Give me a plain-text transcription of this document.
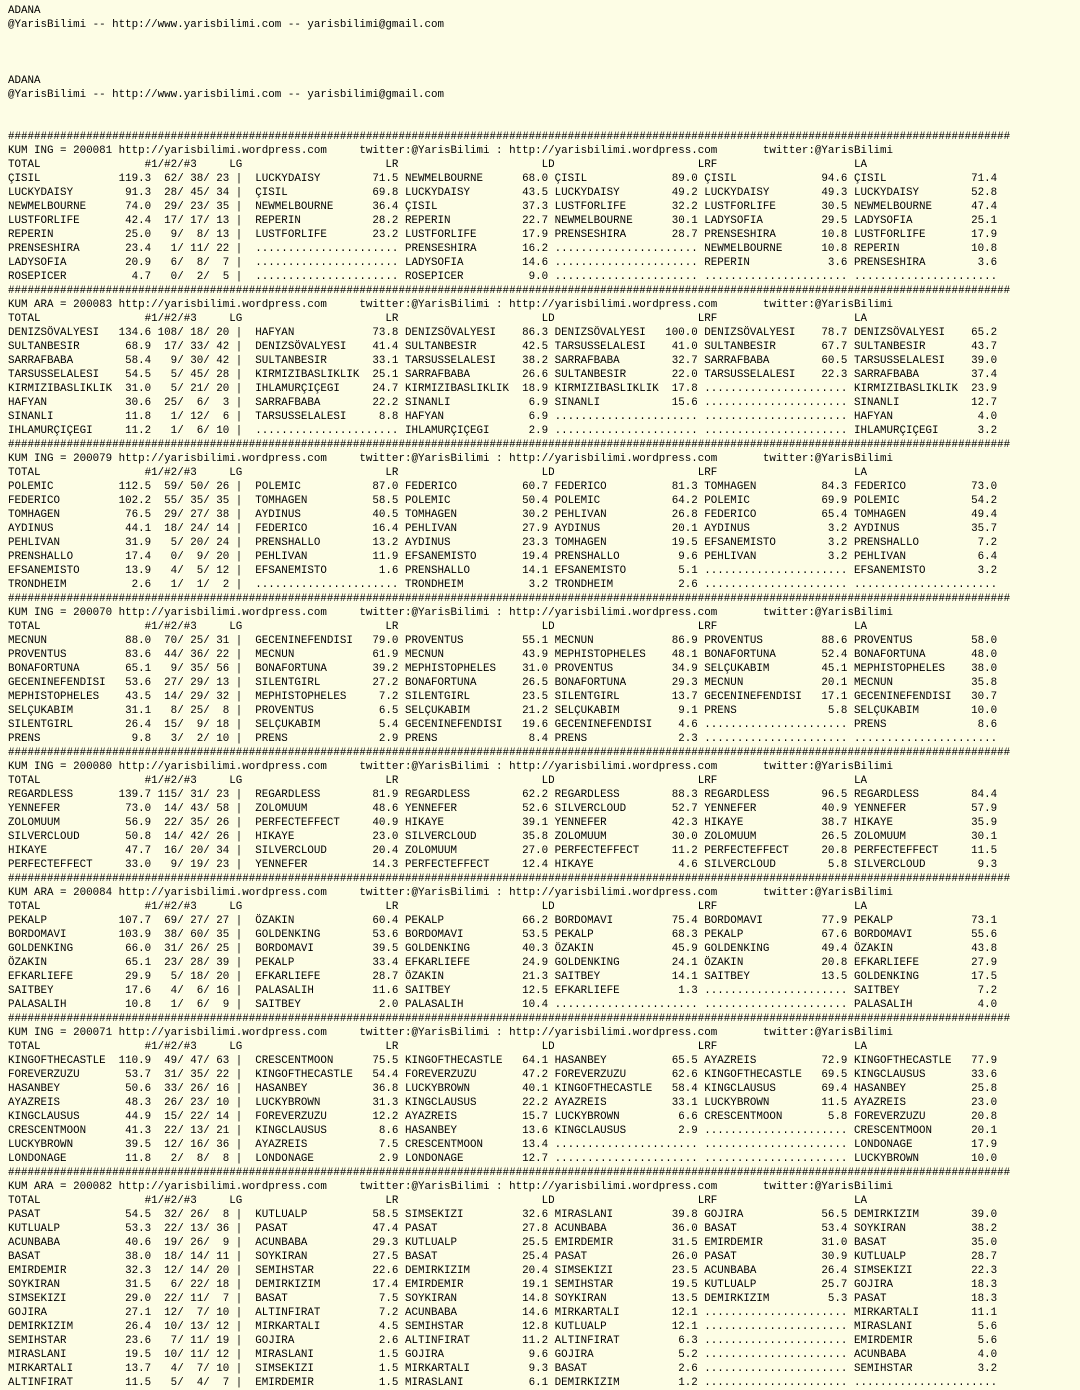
ADANA
@YarisBilimi -- http://www.yarisbilimi.com -- yarisbilimi@gmail.com
ADANA
@YarisBilimi -- http://www.yarisbilimi.com -- yarisbilimi@gmail.com
##########################################################################################################################################################
KUM ING = 200081 http://yarisbilimi.wordpress.com     twitter:@YarisBilimi : http://yarisbilimi.wordpress.com       twitter:@YarisBilimi
TOTAL                #1/#2/#3     LG                      LR                      LD                      LRF                     LA
ÇISIL            119.3  62/ 38/ 23 |  LUCKYDAISY        71.5 NEWMELBOURNE      68.0 ÇISIL             89.0 ÇISIL             94.6 ÇISIL             71.4
LUCKYDAISY        91.3  28/ 45/ 34 |  ÇISIL             69.8 LUCKYDAISY        43.5 LUCKYDAISY        49.2 LUCKYDAISY        49.3 LUCKYDAISY        52.8
NEWMELBOURNE      74.0  29/ 23/ 35 |  NEWMELBOURNE      36.4 ÇISIL             37.3 LUSTFORLIFE       32.2 LUSTFORLIFE       30.5 NEWMELBOURNE      47.4
LUSTFORLIFE       42.4  17/ 17/ 13 |  REPERIN           28.2 REPERIN           22.7 NEWMELBOURNE      30.1 LADYSOFIA         29.5 LADYSOFIA         25.1
REPERIN           25.0   9/  8/ 13 |  LUSTFORLIFE       23.2 LUSTFORLIFE       17.9 PRENSESHIRA       28.7 PRENSESHIRA       10.8 LUSTFORLIFE       17.9
PRENSESHIRA       23.4   1/ 11/ 22 |  ...................... PRENSESHIRA       16.2 ...................... NEWMELBOURNE      10.8 REPERIN           10.8
LADYSOFIA         20.9   6/  8/  7 |  ...................... LADYSOFIA         14.6 ...................... REPERIN            3.6 PRENSESHIRA        3.6
ROSEPICER          4.7   0/  2/  5 |  ...................... ROSEPICER          9.0 ...................... ...................... ......................
##########################################################################################################################################################
KUM ARA = 200083 http://yarisbilimi.wordpress.com     twitter:@YarisBilimi : http://yarisbilimi.wordpress.com       twitter:@YarisBilimi
TOTAL                #1/#2/#3     LG                      LR                      LD                      LRF                     LA
DENIZSÖVALYESI   134.6 108/ 18/ 20 |  HAFYAN            73.8 DENIZSÖVALYESI    86.3 DENIZSÖVALYESI   100.0 DENIZSÖVALYESI    78.7 DENIZSÖVALYESI    65.2
SULTANBESIR       68.9  17/ 33/ 42 |  DENIZSÖVALYESI    41.4 SULTANBESIR       42.5 TARSUSSELALESI    41.0 SULTANBESIR       67.7 SULTANBESIR       43.7
SARRAFBABA        58.4   9/ 30/ 42 |  SULTANBESIR       33.1 TARSUSSELALESI    38.2 SARRAFBABA        32.7 SARRAFBABA        60.5 TARSUSSELALESI    39.0
TARSUSSELALESI    54.5   5/ 45/ 28 |  KIRMIZIBASLIKLIK  25.1 SARRAFBABA        26.6 SULTANBESIR       22.0 TARSUSSELALESI    22.3 SARRAFBABA        37.4
KIRMIZIBASLIKLIK  31.0   5/ 21/ 20 |  IHLAMURÇIÇEGI     24.7 KIRMIZIBASLIKLIK  18.9 KIRMIZIBASLIKLIK  17.8 ...................... KIRMIZIBASLIKLIK  23.9
HAFYAN            30.6  25/  6/  3 |  SARRAFBABA        22.2 SINANLI            6.9 SINANLI           15.6 ...................... SINANLI           12.7
SINANLI           11.8   1/ 12/  6 |  TARSUSSELALESI     8.8 HAFYAN             6.9 ...................... ...................... HAFYAN             4.0
IHLAMURÇIÇEGI     11.2   1/  6/ 10 |  ...................... IHLAMURÇIÇEGI      2.9 ...................... ...................... IHLAMURÇIÇEGI      3.2
##########################################################################################################################################################
KUM ING = 200079 http://yarisbilimi.wordpress.com     twitter:@YarisBilimi : http://yarisbilimi.wordpress.com       twitter:@YarisBilimi
TOTAL                #1/#2/#3     LG                      LR                      LD                      LRF                     LA
POLEMIC          112.5  59/ 50/ 26 |  POLEMIC           87.0 FEDERICO          60.7 FEDERICO          81.3 TOMHAGEN          84.3 FEDERICO          73.0
FEDERICO         102.2  55/ 35/ 35 |  TOMHAGEN          58.5 POLEMIC           50.4 POLEMIC           64.2 POLEMIC           69.9 POLEMIC           54.2
TOMHAGEN          76.5  29/ 27/ 38 |  AYDINUS           40.5 TOMHAGEN          30.2 PEHLIVAN          26.8 FEDERICO          65.4 TOMHAGEN          49.4
AYDINUS           44.1  18/ 24/ 14 |  FEDERICO          16.4 PEHLIVAN          27.9 AYDINUS           20.1 AYDINUS            3.2 AYDINUS           35.7
PEHLIVAN          31.9   5/ 20/ 24 |  PRENSHALLO        13.2 AYDINUS           23.3 TOMHAGEN          19.5 EFSANEMISTO        3.2 PRENSHALLO         7.2
PRENSHALLO        17.4   0/  9/ 20 |  PEHLIVAN          11.9 EFSANEMISTO       19.4 PRENSHALLO         9.6 PEHLIVAN           3.2 PEHLIVAN           6.4
EFSANEMISTO       13.9   4/  5/ 12 |  EFSANEMISTO        1.6 PRENSHALLO        14.1 EFSANEMISTO        5.1 ...................... EFSANEMISTO        3.2
TRONDHEIM          2.6   1/  1/  2 |  ...................... TRONDHEIM          3.2 TRONDHEIM          2.6 ...................... ......................
##########################################################################################################################################################
KUM ING = 200070 http://yarisbilimi.wordpress.com     twitter:@YarisBilimi : http://yarisbilimi.wordpress.com       twitter:@YarisBilimi
TOTAL                #1/#2/#3     LG                      LR                      LD                      LRF                     LA
MECNUN            88.0  70/ 25/ 31 |  GECENINEFENDISI   79.0 PROVENTUS         55.1 MECNUN            86.9 PROVENTUS         88.6 PROVENTUS         58.0
PROVENTUS         83.6  44/ 36/ 22 |  MECNUN            61.9 MECNUN            43.9 MEPHISTOPHELES    48.1 BONAFORTUNA       52.4 BONAFORTUNA       48.0
BONAFORTUNA       65.1   9/ 35/ 56 |  BONAFORTUNA       39.2 MEPHISTOPHELES    31.0 PROVENTUS         34.9 SELÇUKABIM        45.1 MEPHISTOPHELES    38.0
GECENINEFENDISI   53.6  27/ 29/ 13 |  SILENTGIRL        27.2 BONAFORTUNA       26.5 BONAFORTUNA       29.3 MECNUN            20.1 MECNUN            35.8
MEPHISTOPHELES    43.5  14/ 29/ 32 |  MEPHISTOPHELES     7.2 SILENTGIRL        23.5 SILENTGIRL        13.7 GECENINEFENDISI   17.1 GECENINEFENDISI   30.7
SELÇUKABIM        31.1   8/ 25/  8 |  PROVENTUS          6.5 SELÇUKABIM        21.2 SELÇUKABIM         9.1 PRENS              5.8 SELÇUKABIM        10.0
SILENTGIRL        26.4  15/  9/ 18 |  SELÇUKABIM         5.4 GECENINEFENDISI   19.6 GECENINEFENDISI    4.6 ...................... PRENS              8.6
PRENS              9.8   3/  2/ 10 |  PRENS              2.9 PRENS              8.4 PRENS              2.3 ...................... ......................
##########################################################################################################################################################
KUM ING = 200080 http://yarisbilimi.wordpress.com     twitter:@YarisBilimi : http://yarisbilimi.wordpress.com       twitter:@YarisBilimi
TOTAL                #1/#2/#3     LG                      LR                      LD                      LRF                     LA
REGARDLESS       139.7 115/ 31/ 23 |  REGARDLESS        81.9 REGARDLESS        62.2 REGARDLESS        88.3 REGARDLESS        96.5 REGARDLESS        84.4
YENNEFER          73.0  14/ 43/ 58 |  ZOLOMUUM          48.6 YENNEFER          52.6 SILVERCLOUD       52.7 YENNEFER          40.9 YENNEFER          57.9
ZOLOMUUM          56.9  22/ 35/ 26 |  PERFECTEFFECT     40.9 HIKAYE            39.1 YENNEFER          42.3 HIKAYE            38.7 HIKAYE            35.9
SILVERCLOUD       50.8  14/ 42/ 26 |  HIKAYE            23.0 SILVERCLOUD       35.8 ZOLOMUUM          30.0 ZOLOMUUM          26.5 ZOLOMUUM          30.1
HIKAYE            47.7  16/ 20/ 34 |  SILVERCLOUD       20.4 ZOLOMUUM          27.0 PERFECTEFFECT     11.2 PERFECTEFFECT     20.8 PERFECTEFFECT     11.5
PERFECTEFFECT     33.0   9/ 19/ 23 |  YENNEFER          14.3 PERFECTEFFECT     12.4 HIKAYE             4.6 SILVERCLOUD        5.8 SILVERCLOUD        9.3
##########################################################################################################################################################
KUM ARA = 200084 http://yarisbilimi.wordpress.com     twitter:@YarisBilimi : http://yarisbilimi.wordpress.com       twitter:@YarisBilimi
TOTAL                #1/#2/#3     LG                      LR                      LD                      LRF                     LA
PEKALP           107.7  69/ 27/ 27 |  ÖZAKIN            60.4 PEKALP            66.2 BORDOMAVI         75.4 BORDOMAVI         77.9 PEKALP            73.1
BORDOMAVI        103.9  38/ 60/ 35 |  GOLDENKING        53.6 BORDOMAVI         53.5 PEKALP            68.3 PEKALP            67.6 BORDOMAVI         55.6
GOLDENKING        66.0  31/ 26/ 25 |  BORDOMAVI         39.5 GOLDENKING        40.3 ÖZAKIN            45.9 GOLDENKING        49.4 ÖZAKIN            43.8
ÖZAKIN            65.1  23/ 28/ 39 |  PEKALP            33.4 EFKARLIEFE        24.9 GOLDENKING        24.1 ÖZAKIN            20.8 EFKARLIEFE        27.9
EFKARLIEFE        29.9   5/ 18/ 20 |  EFKARLIEFE        28.7 ÖZAKIN            21.3 SAITBEY           14.1 SAITBEY           13.5 GOLDENKING        17.5
SAITBEY           17.6   4/  6/ 16 |  PALASALIH         11.6 SAITBEY           12.5 EFKARLIEFE         1.3 ...................... SAITBEY            7.2
PALASALIH         10.8   1/  6/  9 |  SAITBEY            2.0 PALASALIH         10.4 ...................... ...................... PALASALIH          4.0
##########################################################################################################################################################
KUM ING = 200071 http://yarisbilimi.wordpress.com     twitter:@YarisBilimi : http://yarisbilimi.wordpress.com       twitter:@YarisBilimi
TOTAL                #1/#2/#3     LG                      LR                      LD                      LRF                     LA
KINGOFTHECASTLE  110.9  49/ 47/ 63 |  CRESCENTMOON      75.5 KINGOFTHECASTLE   64.1 HASANBEY          65.5 AYAZREIS          72.9 KINGOFTHECASTLE   77.9
FOREVERZUZU       53.7  31/ 35/ 22 |  KINGOFTHECASTLE   54.4 FOREVERZUZU       47.2 FOREVERZUZU       62.6 KINGOFTHECASTLE   69.5 KINGCLAUSUS       33.6
HASANBEY          50.6  33/ 26/ 16 |  HASANBEY          36.8 LUCKYBROWN        40.1 KINGOFTHECASTLE   58.4 KINGCLAUSUS       69.4 HASANBEY          25.8
AYAZREIS          48.3  26/ 23/ 10 |  LUCKYBROWN        31.3 KINGCLAUSUS       22.2 AYAZREIS          33.1 LUCKYBROWN        11.5 AYAZREIS          23.0
KINGCLAUSUS       44.9  15/ 22/ 14 |  FOREVERZUZU       12.2 AYAZREIS          15.7 LUCKYBROWN         6.6 CRESCENTMOON       5.8 FOREVERZUZU       20.8
CRESCENTMOON      41.3  22/ 13/ 21 |  KINGCLAUSUS        8.6 HASANBEY          13.6 KINGCLAUSUS        2.9 ...................... CRESCENTMOON      20.1
LUCKYBROWN        39.5  12/ 16/ 36 |  AYAZREIS           7.5 CRESCENTMOON      13.4 ...................... ...................... LONDONAGE         17.9
LONDONAGE         11.8   2/  8/  8 |  LONDONAGE          2.9 LONDONAGE         12.7 ...................... ...................... LUCKYBROWN        10.0
##########################################################################################################################################################
KUM ARA = 200082 http://yarisbilimi.wordpress.com     twitter:@YarisBilimi : http://yarisbilimi.wordpress.com       twitter:@YarisBilimi
TOTAL                #1/#2/#3     LG                      LR                      LD                      LRF                     LA
PASAT             54.5  32/ 26/  8 |  KUTLUALP          58.5 SIMSEKIZI         32.6 MIRASLANI         39.8 GOJIRA            56.5 DEMIRKIZIM        39.0
KUTLUALP          53.3  22/ 13/ 36 |  PASAT             47.4 PASAT             27.8 ACUNBABA          36.0 BASAT             53.4 SOYKIRAN          38.2
ACUNBABA          40.6  19/ 26/  9 |  ACUNBABA          29.3 KUTLUALP          25.5 EMIRDEMIR         31.5 EMIRDEMIR         31.0 BASAT             35.0
BASAT             38.0  18/ 14/ 11 |  SOYKIRAN          27.5 BASAT             25.4 PASAT             26.0 PASAT             30.9 KUTLUALP          28.7
EMIRDEMIR         32.3  12/ 14/ 20 |  SEMIHSTAR         22.6 DEMIRKIZIM        20.4 SIMSEKIZI         23.5 ACUNBABA          26.4 SIMSEKIZI         22.3
SOYKIRAN          31.5   6/ 22/ 18 |  DEMIRKIZIM        17.4 EMIRDEMIR         19.1 SEMIHSTAR         19.5 KUTLUALP          25.7 GOJIRA            18.3
SIMSEKIZI         29.0  22/ 11/  7 |  BASAT              7.5 SOYKIRAN          14.8 SOYKIRAN          13.5 DEMIRKIZIM         5.3 PASAT             18.3
GOJIRA            27.1  12/  7/ 10 |  ALTINFIRAT         7.2 ACUNBABA          14.6 MIRKARTALI        12.1 ...................... MIRKARTALI        11.1
DEMIRKIZIM        26.4  10/ 13/ 12 |  MIRKARTALI         4.5 SEMIHSTAR         12.8 KUTLUALP          12.1 ...................... MIRASLANI          5.6
SEMIHSTAR         23.6   7/ 11/ 19 |  GOJIRA             2.6 ALTINFIRAT        11.2 ALTINFIRAT         6.3 ...................... EMIRDEMIR          5.6
MIRASLANI         19.5  10/ 11/ 12 |  MIRASLANI          1.5 GOJIRA             9.6 GOJIRA             5.2 ...................... ACUNBABA           4.0
MIRKARTALI        13.7   4/  7/ 10 |  SIMSEKIZI          1.5 MIRKARTALI         9.3 BASAT              2.6 ...................... SEMIHSTAR          3.2
ALTINFIRAT        11.5   5/  4/  7 |  EMIRDEMIR          1.5 MIRASLANI          6.1 DEMIRKIZIM         1.2 ...................... ......................
